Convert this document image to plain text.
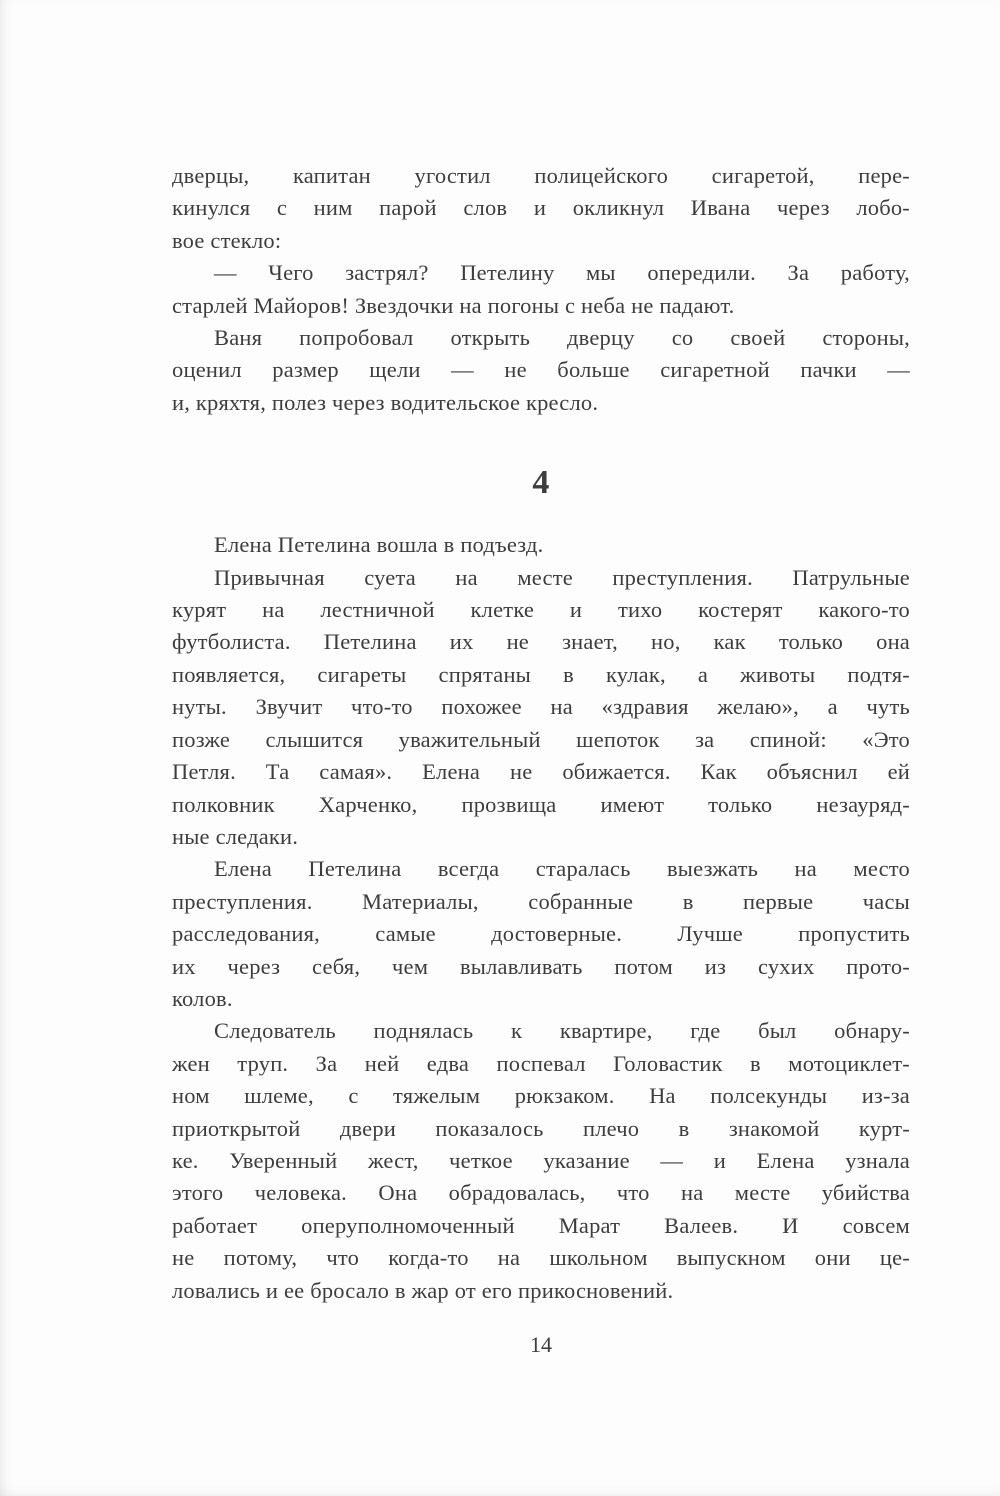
дверцы, капитан угостил полицейского сигаретой, пере-
кинулся с ним парой слов и окликнул Ивана через лобо-
вое стекло:
— Чего застрял? Петелину мы опередили. За работу,
старлей Майоров! Звездочки на погоны с неба не падают.
Ваня попробовал открыть дверцу со своей стороны,
оценил размер щели — не больше сигаретной пачки —
и, кряхтя, полез через водительское кресло.
4
Елена Петелина вошла в подъезд.
Привычная суета на месте преступления. Патрульные
курят на лестничной клетке и тихо костерят какого-то
футболиста. Петелина их не знает, но, как только она
появляется, сигареты спрятаны в кулак, а животы подтя-
нуты. Звучит что-то похожее на «здравия желаю», а чуть
позже слышится уважительный шепоток за спиной: «Это
Петля. Та самая». Елена не обижается. Как объяснил ей
полковник Харченко, прозвища имеют только незауряд-
ные следаки.
Елена Петелина всегда старалась выезжать на место
преступления. Материалы, собранные в первые часы
расследования, самые достоверные. Лучше пропустить
их через себя, чем вылавливать потом из сухих прото-
колов.
Следователь поднялась к квартире, где был обнару-
жен труп. За ней едва поспевал Головастик в мотоциклет-
ном шлеме, с тяжелым рюкзаком. На полсекунды из-за
приоткрытой двери показалось плечо в знакомой курт-
ке. Уверенный жест, четкое указание — и Елена узнала
этого человека. Она обрадовалась, что на месте убийства
работает оперуполномоченный Марат Валеев. И совсем
не потому, что когда-то на школьном выпускном они це-
ловались и ее бросало в жар от его прикосновений.
14
